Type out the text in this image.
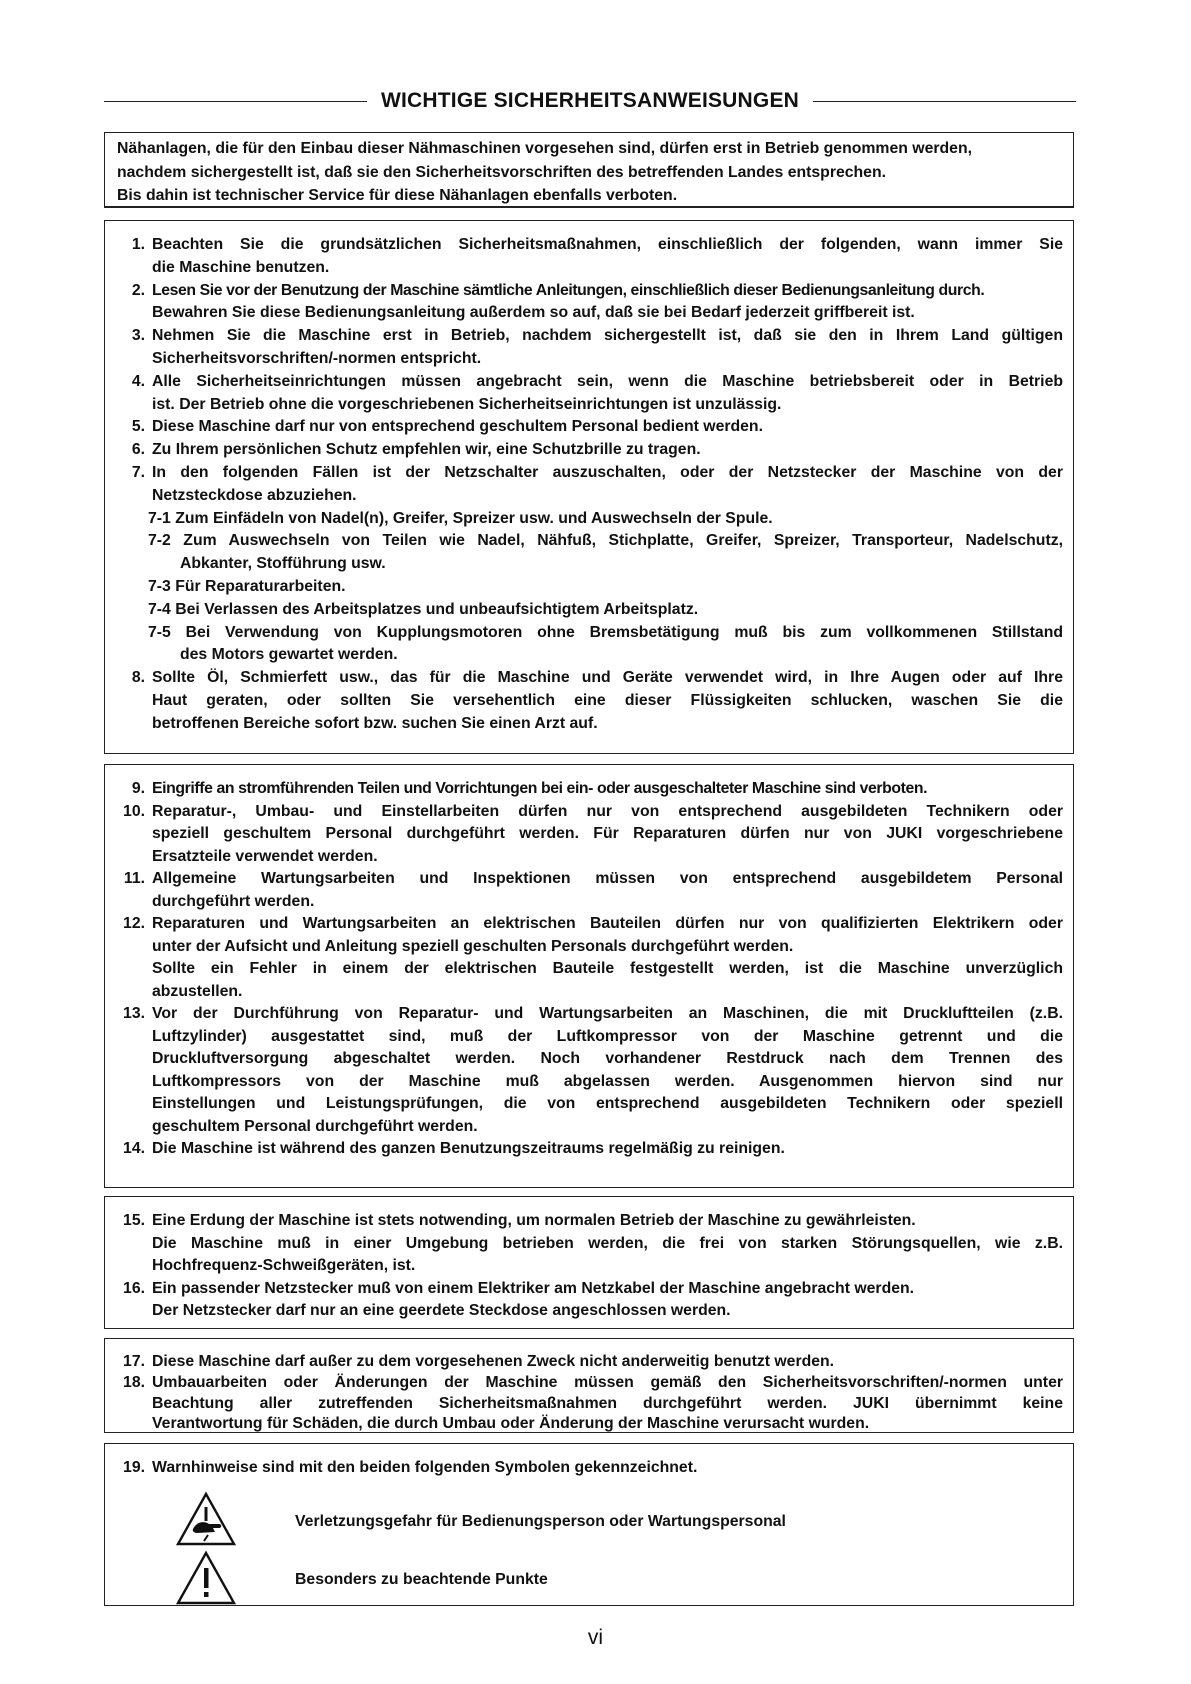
WICHTIGE SICHERHEITSANWEISUNGEN
Nähanlagen, die für den Einbau dieser Nähmaschinen vorgesehen sind, dürfen erst in Betrieb genommen werden,
nachdem sichergestellt ist, daß sie den Sicherheitsvorschriften des betreffenden Landes entsprechen.
Bis dahin ist technischer Service für diese Nähanlagen ebenfalls verboten.
1. Beachten Sie die grundsätzlichen Sicherheitsmaßnahmen, einschließlich der folgenden, wann immer Sie
die Maschine benutzen.
2. Lesen Sie vor der Benutzung der Maschine sämtliche Anleitungen, einschließlich dieser Bedienungsanleitung durch.
Bewahren Sie diese Bedienungsanleitung außerdem so auf, daß sie bei Bedarf jederzeit griffbereit ist.
3. Nehmen Sie die Maschine erst in Betrieb, nachdem sichergestellt ist, daß sie den in Ihrem Land gültigen
Sicherheitsvorschriften/-normen entspricht.
4. Alle Sicherheitseinrichtungen müssen angebracht sein, wenn die Maschine betriebsbereit oder in Betrieb
ist. Der Betrieb ohne die vorgeschriebenen Sicherheitseinrichtungen ist unzulässig.
5. Diese Maschine darf nur von entsprechend geschultem Personal bedient werden.
6. Zu Ihrem persönlichen Schutz empfehlen wir, eine Schutzbrille zu tragen.
7. In den folgenden Fällen ist der Netzschalter auszuschalten, oder der Netzstecker der Maschine von der
Netzsteckdose abzuziehen.
7-1 Zum Einfädeln von Nadel(n), Greifer, Spreizer usw. und Auswechseln der Spule.
7-2 Zum Auswechseln von Teilen wie Nadel, Nähfuß, Stichplatte, Greifer, Spreizer, Transporteur, Nadelschutz,
Abkanter, Stofführung usw.
7-3 Für Reparaturarbeiten.
7-4 Bei Verlassen des Arbeitsplatzes und unbeaufsichtigtem Arbeitsplatz.
7-5 Bei Verwendung von Kupplungsmotoren ohne Bremsbetätigung muß bis zum vollkommenen Stillstand
des Motors gewartet werden.
8. Sollte Öl, Schmierfett usw., das für die Maschine und Geräte verwendet wird, in Ihre Augen oder auf Ihre
Haut geraten, oder sollten Sie versehentlich eine dieser Flüssigkeiten schlucken, waschen Sie die
betroffenen Bereiche sofort bzw. suchen Sie einen Arzt auf.
9. Eingriffe an stromführenden Teilen und Vorrichtungen bei ein- oder ausgeschalteter Maschine sind verboten.
10. Reparatur-, Umbau- und Einstellarbeiten dürfen nur von entsprechend ausgebildeten Technikern oder
speziell geschultem Personal durchgeführt werden. Für Reparaturen dürfen nur von JUKI vorgeschriebene
Ersatzteile verwendet werden.
11. Allgemeine Wartungsarbeiten und Inspektionen müssen von entsprechend ausgebildetem Personal
durchgeführt werden.
12. Reparaturen und Wartungsarbeiten an elektrischen Bauteilen dürfen nur von qualifizierten Elektrikern oder
unter der Aufsicht und Anleitung speziell geschulten Personals durchgeführt werden.
Sollte ein Fehler in einem der elektrischen Bauteile festgestellt werden, ist die Maschine unverzüglich
abzustellen.
13. Vor der Durchführung von Reparatur- und Wartungsarbeiten an Maschinen, die mit Druckluftteilen (z.B.
Luftzylinder) ausgestattet sind, muß der Luftkompressor von der Maschine getrennt und die
Druckluftversorgung abgeschaltet werden. Noch vorhandener Restdruck nach dem Trennen des
Luftkompressors von der Maschine muß abgelassen werden. Ausgenommen hiervon sind nur
Einstellungen und Leistungsprüfungen, die von entsprechend ausgebildeten Technikern oder speziell
geschultem Personal durchgeführt werden.
14. Die Maschine ist während des ganzen Benutzungszeitraums regelmäßig zu reinigen.
15. Eine Erdung der Maschine ist stets notwending, um normalen Betrieb der Maschine zu gewährleisten.
Die Maschine muß in einer Umgebung betrieben werden, die frei von starken Störungsquellen, wie z.B.
Hochfrequenz-Schweißgeräten, ist.
16. Ein passender Netzstecker muß von einem Elektriker am Netzkabel der Maschine angebracht werden.
Der Netzstecker darf nur an eine geerdete Steckdose angeschlossen werden.
17. Diese Maschine darf außer zu dem vorgesehenen Zweck nicht anderweitig benutzt werden.
18. Umbauarbeiten oder Änderungen der Maschine müssen gemäß den Sicherheitsvorschriften/-normen unter
Beachtung aller zutreffenden Sicherheitsmaßnahmen durchgeführt werden. JUKI übernimmt keine
Verantwortung für Schäden, die durch Umbau oder Änderung der Maschine verursacht wurden.
19. Warnhinweise sind mit den beiden folgenden Symbolen gekennzeichnet.
Verletzungsgefahr für Bedienungsperson oder Wartungspersonal
Besonders zu beachtende Punkte
vi
